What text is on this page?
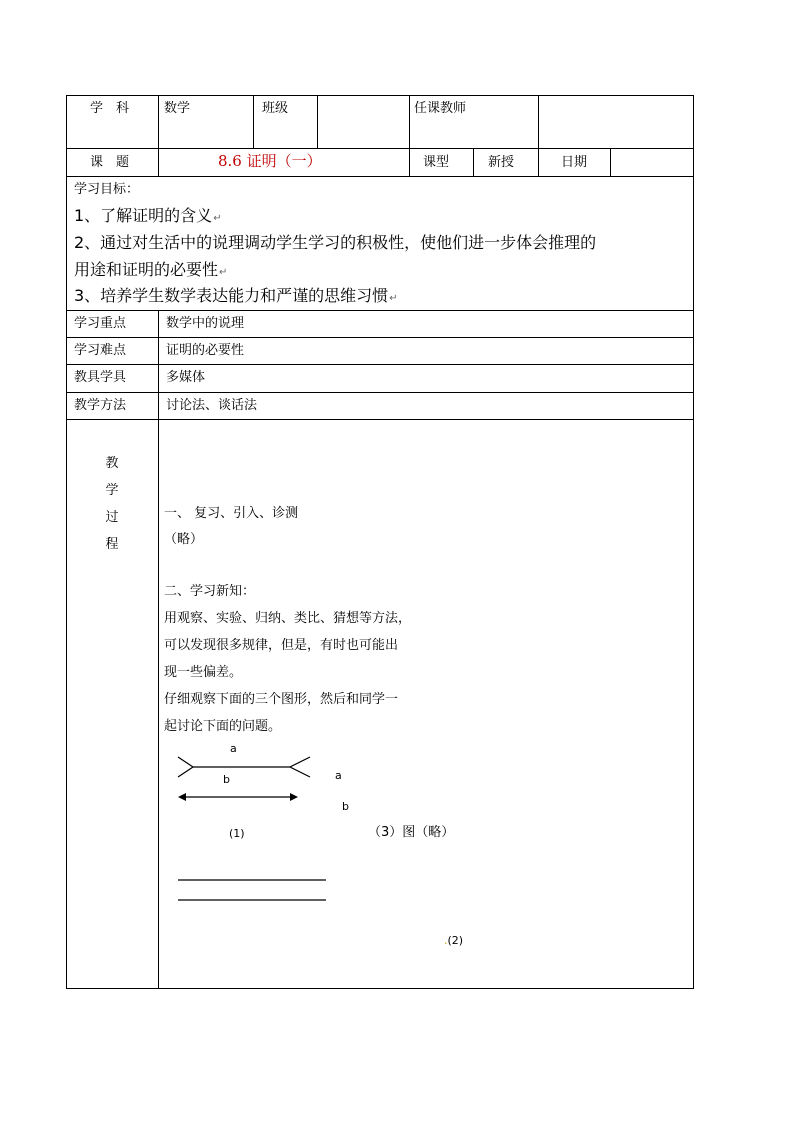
学　科	数学	班级	任课教师
课　题	8.6 证明（一）	课型	新授	日期
学习目标：
1、了解证明的含义↵
2、通过对生活中的说理调动学生学习的积极性，使他们进一步体会推理的
用途和证明的必要性↵
3、培养学生数学表达能力和严谨的思维习惯↵
学习重点	数学中的说理
学习难点	证明的必要性
教具学具	多媒体
教学方法	讨论法、谈话法
教
学
过
程
一、 复习、引入、诊测
（略）
二、学习新知：
用观察、实验、归纳、类比、猜想等方法，
可以发现很多规律，但是，有时也可能出
现一些偏差。
仔细观察下面的三个图形，然后和同学一
起讨论下面的问题。
a
b	a
b
(1)	（3）图（略）
.(2)
